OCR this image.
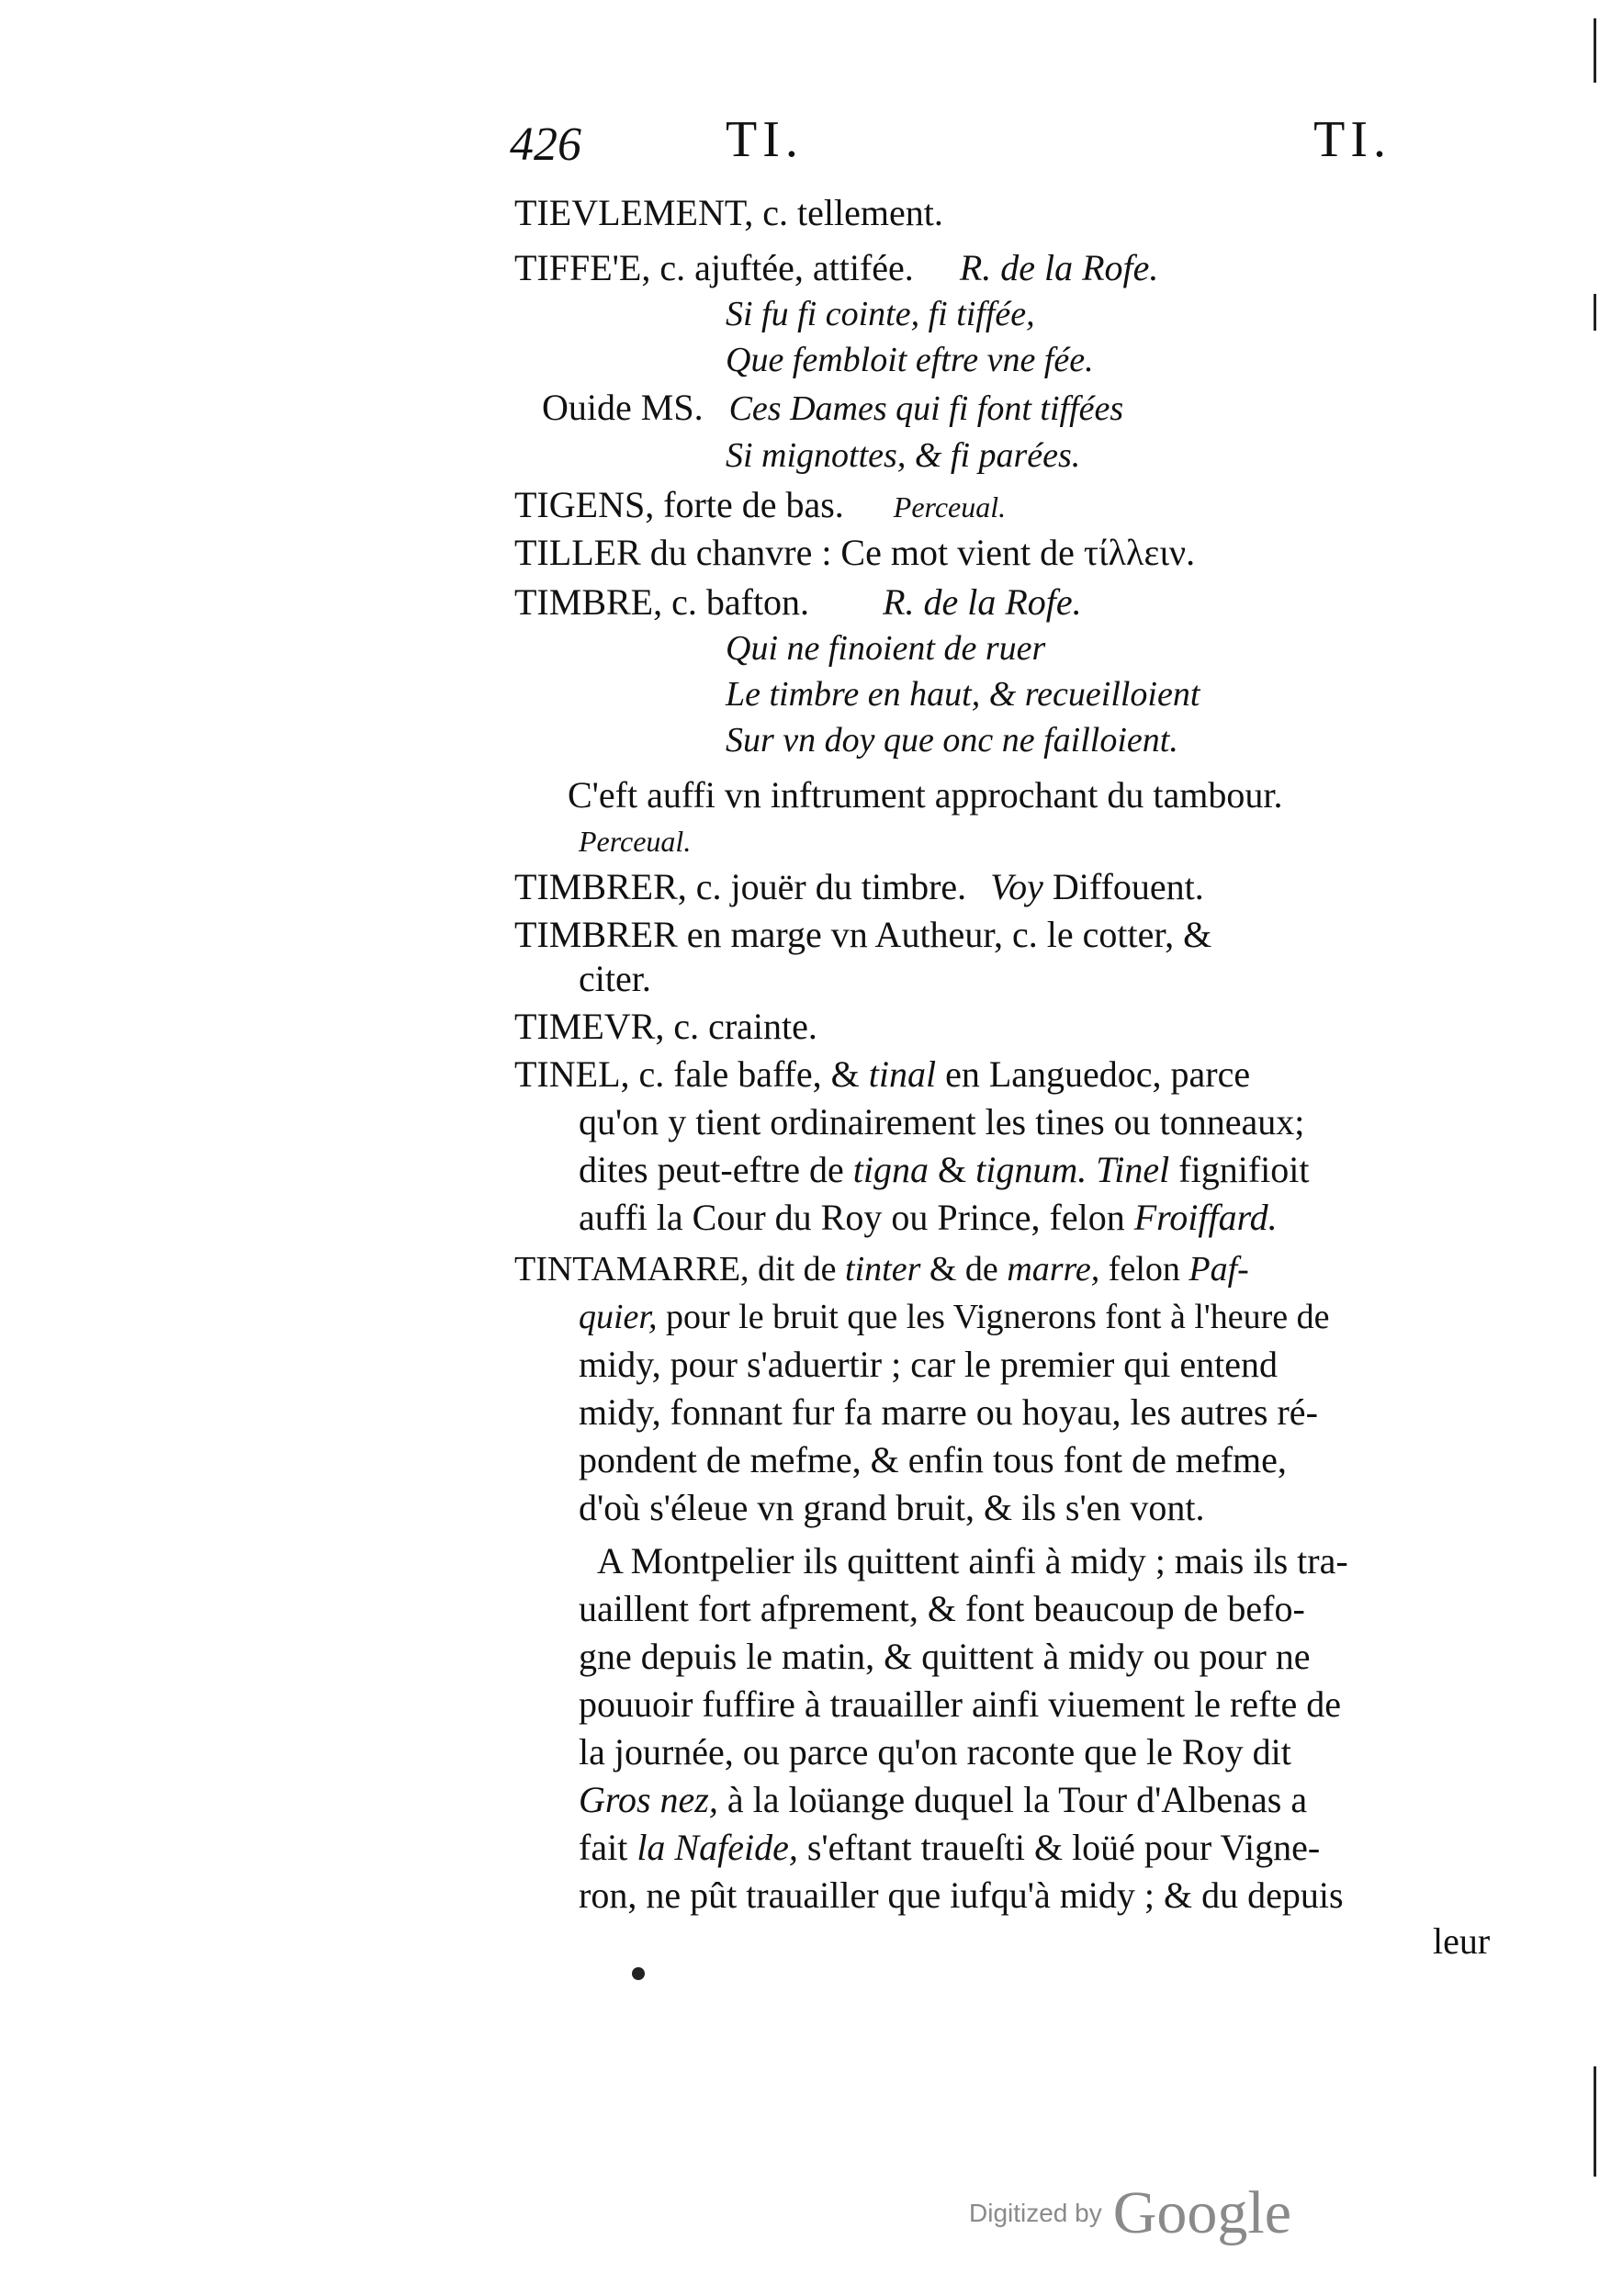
426	TI.	TI.
TIEVLEMENT, c. tellement.
TIFFE'E, c. ajuftée, attifée. R. de la Rofe.
Si fu fi cointe, fi tiffée,
Que fembloit eftre vne fée.
Ouide MS. Ces Dames qui fi font tiffées
Si mignottes, & fi parées.
TIGENS, forte de bas. Perceual.
TILLER du chanvre : Ce mot vient de τίλλειν.
TIMBRE, c. bafton. R. de la Rofe.
Qui ne finoient de ruer
Le timbre en haut, & recueilloient
Sur vn doy que onc ne failloient.
C'eft auffi vn inftrument approchant du tambour.
Perceual.
TIMBRER, c. jouër du timbre. Voy Diffouent.
TIMBRER en marge vn Autheur, c. le cotter, &
citer.
TIMEVR, c. crainte.
TINEL, c. fale baffe, & tinal en Languedoc, parce
qu'on y tient ordinairement les tines ou tonneaux;
dites peut-eftre de tigna & tignum. Tinel fignifioit
auffi la Cour du Roy ou Prince, felon Froiffard.
TINTAMARRE, dit de tinter & de marre, felon Paf-
quier, pour le bruit que les Vignerons font à l'heure de
midy, pour s'aduertir ; car le premier qui entend
midy, fonnant fur fa marre ou hoyau, les autres ré-
pondent de mefme, & enfin tous font de mefme,
d'où s'éleue vn grand bruit, & ils s'en vont.
A Montpelier ils quittent ainfi à midy ; mais ils tra-
uaillent fort afprement, & font beaucoup de befo-
gne depuis le matin, & quittent à midy ou pour ne
pouuoir fuffire à trauailler ainfi viuement le refte de
la journée, ou parce qu'on raconte que le Roy dit
Gros nez, à la loüange duquel la Tour d'Albenas a
fait la Nafeide, s'eftant traueſti & loüé pour Vigne-
ron, ne pût trauailler que iufqu'à midy ; & du depuis
leur
Digitized by Google
